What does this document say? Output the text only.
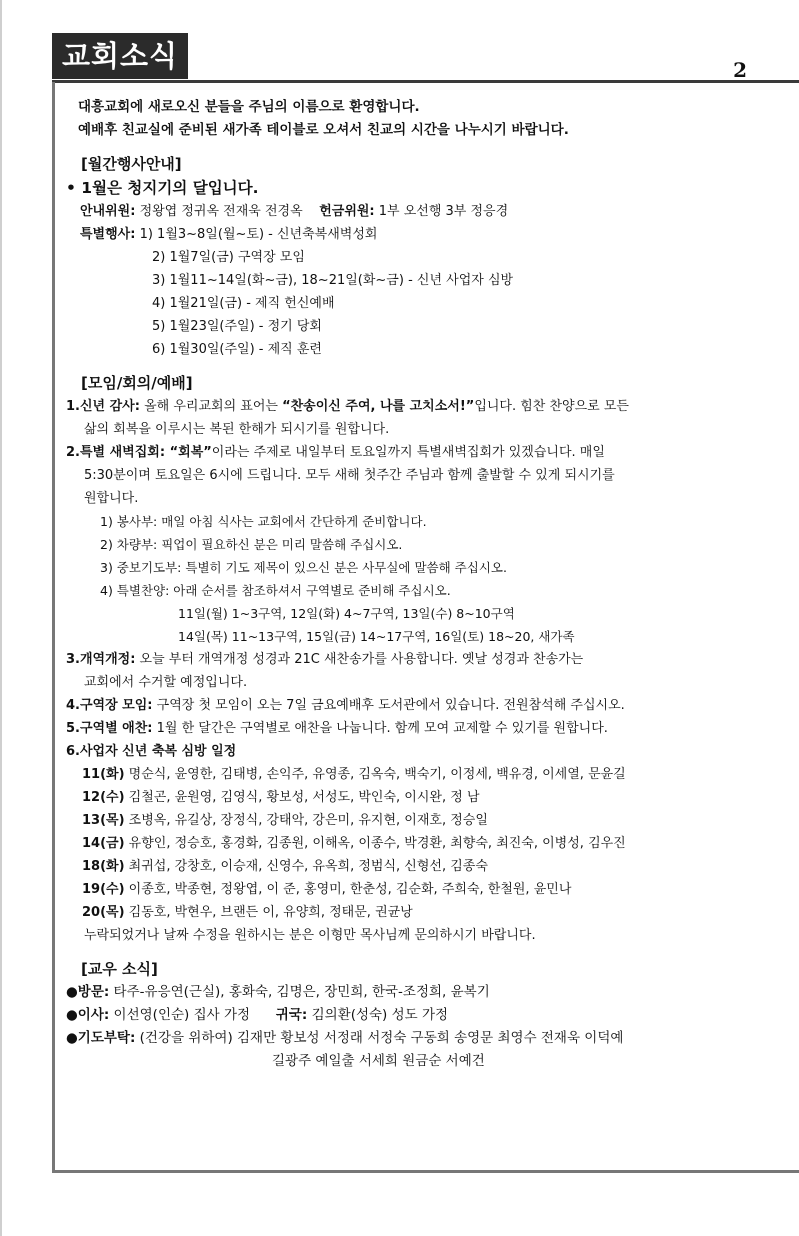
교회소식	2
대흥교회에 새로오신 분들을 주님의 이름으로 환영합니다.
예배후 친교실에 준비된 새가족 테이블로 오셔서 친교의 시간을 나누시기 바랍니다.
[월간행사안내]
• 1월은 청지기의 달입니다.
안내위원: 정왕엽 정귀옥 전재욱 전경옥 헌금위원: 1부 오선행 3부 정응경
특별행사: 1) 1월3~8일(월~토) - 신년축복새벽성회
2) 1월7일(금) 구역장 모임
3) 1월11~14일(화~금), 18~21일(화~금) - 신년 사업자 심방
4) 1월21일(금) - 제직 헌신예배
5) 1월23일(주일) - 정기 당회
6) 1월30일(주일) - 제직 훈련
[모임/회의/예배]
1.신년 감사: 올해 우리교회의 표어는 “찬송이신 주여, 나를 고치소서!”입니다. 힘찬 찬양으로 모든
삶의 회복을 이루시는 복된 한해가 되시기를 원합니다.
2.특별 새벽집회: “회복”이라는 주제로 내일부터 토요일까지 특별새벽집회가 있겠습니다. 매일
5:30분이며 토요일은 6시에 드립니다. 모두 새해 첫주간 주님과 함께 출발할 수 있게 되시기를
원합니다.
1) 봉사부: 매일 아침 식사는 교회에서 간단하게 준비합니다.
2) 차량부: 픽업이 필요하신 분은 미리 말씀해 주십시오.
3) 중보기도부: 특별히 기도 제목이 있으신 분은 사무실에 말씀해 주십시오.
4) 특별찬양: 아래 순서를 참조하셔서 구역별로 준비해 주십시오.
11일(월) 1~3구역, 12일(화) 4~7구역, 13일(수) 8~10구역
14일(목) 11~13구역, 15일(금) 14~17구역, 16일(토) 18~20, 새가족
3.개역개정: 오늘 부터 개역개정 성경과 21C 새찬송가를 사용합니다. 옛날 성경과 찬송가는
교회에서 수거할 예정입니다.
4.구역장 모임: 구역장 첫 모임이 오는 7일 금요예배후 도서관에서 있습니다. 전원참석해 주십시오.
5.구역별 애찬: 1월 한 달간은 구역별로 애찬을 나눕니다. 함께 모여 교제할 수 있기를 원합니다.
6.사업자 신년 축복 심방 일정
11(화) 명순식, 윤영한, 김태병, 손익주, 유영종, 김옥숙, 백숙기, 이정세, 백유경, 이세열, 문윤길
12(수) 김철곤, 윤원영, 김영식, 황보성, 서성도, 박인숙, 이시완, 정 남
13(목) 조병옥, 유길상, 장정식, 강태악, 강은미, 유지현, 이재호, 정승일
14(금) 유향인, 정승호, 홍경화, 김종원, 이해옥, 이종수, 박경환, 최향숙, 최진숙, 이병성, 김우진
18(화) 최귀섭, 강창호, 이승재, 신영수, 유옥희, 정범식, 신형선, 김종숙
19(수) 이종호, 박종현, 정왕엽, 이 준, 홍영미, 한춘성, 김순화, 주희숙, 한철원, 윤민나
20(목) 김동호, 박현우, 브랜든 이, 유양희, 정태문, 권균낭
누락되었거나 날짜 수정을 원하시는 분은 이형만 목사님께 문의하시기 바랍니다.
[교우 소식]
●방문: 타주-유응연(근실), 홍화숙, 김명은, 장민희, 한국-조정희, 윤복기
●이사: 이선영(인순) 집사 가정 귀국: 김의환(성숙) 성도 가정
●기도부탁: (건강을 위하여) 김재만 황보성 서정래 서정숙 구동희 송영문 최영수 전재욱 이덕예
길광주 예일출 서세희 원금순 서예건
